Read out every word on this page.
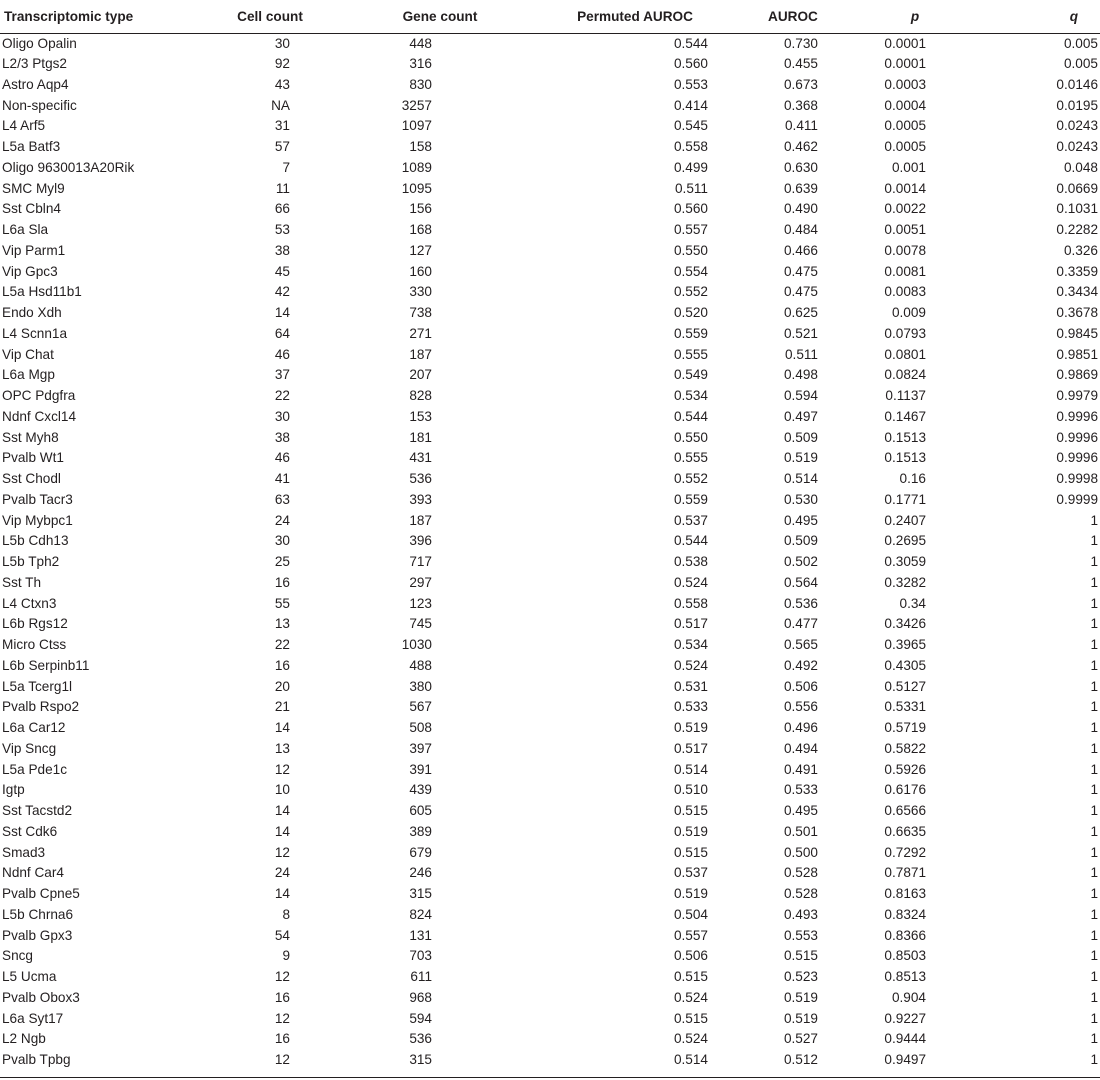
Transcriptomic type	Cell count	Gene count	Permuted AUROC	AUROC	p	q
Oligo Opalin	30	448	0.544	0.730	0.0001	0.005
L2/3 Ptgs2	92	316	0.560	0.455	0.0001	0.005
Astro Aqp4	43	830	0.553	0.673	0.0003	0.0146
Non-specific	NA	3257	0.414	0.368	0.0004	0.0195
L4 Arf5	31	1097	0.545	0.411	0.0005	0.0243
L5a Batf3	57	158	0.558	0.462	0.0005	0.0243
Oligo 9630013A20Rik	7	1089	0.499	0.630	0.001	0.048
SMC Myl9	11	1095	0.511	0.639	0.0014	0.0669
Sst Cbln4	66	156	0.560	0.490	0.0022	0.1031
L6a Sla	53	168	0.557	0.484	0.0051	0.2282
Vip Parm1	38	127	0.550	0.466	0.0078	0.326
Vip Gpc3	45	160	0.554	0.475	0.0081	0.3359
L5a Hsd11b1	42	330	0.552	0.475	0.0083	0.3434
Endo Xdh	14	738	0.520	0.625	0.009	0.3678
L4 Scnn1a	64	271	0.559	0.521	0.0793	0.9845
Vip Chat	46	187	0.555	0.511	0.0801	0.9851
L6a Mgp	37	207	0.549	0.498	0.0824	0.9869
OPC Pdgfra	22	828	0.534	0.594	0.1137	0.9979
Ndnf Cxcl14	30	153	0.544	0.497	0.1467	0.9996
Sst Myh8	38	181	0.550	0.509	0.1513	0.9996
Pvalb Wt1	46	431	0.555	0.519	0.1513	0.9996
Sst Chodl	41	536	0.552	0.514	0.16	0.9998
Pvalb Tacr3	63	393	0.559	0.530	0.1771	0.9999
Vip Mybpc1	24	187	0.537	0.495	0.2407	1
L5b Cdh13	30	396	0.544	0.509	0.2695	1
L5b Tph2	25	717	0.538	0.502	0.3059	1
Sst Th	16	297	0.524	0.564	0.3282	1
L4 Ctxn3	55	123	0.558	0.536	0.34	1
L6b Rgs12	13	745	0.517	0.477	0.3426	1
Micro Ctss	22	1030	0.534	0.565	0.3965	1
L6b Serpinb11	16	488	0.524	0.492	0.4305	1
L5a Tcerg1l	20	380	0.531	0.506	0.5127	1
Pvalb Rspo2	21	567	0.533	0.556	0.5331	1
L6a Car12	14	508	0.519	0.496	0.5719	1
Vip Sncg	13	397	0.517	0.494	0.5822	1
L5a Pde1c	12	391	0.514	0.491	0.5926	1
Igtp	10	439	0.510	0.533	0.6176	1
Sst Tacstd2	14	605	0.515	0.495	0.6566	1
Sst Cdk6	14	389	0.519	0.501	0.6635	1
Smad3	12	679	0.515	0.500	0.7292	1
Ndnf Car4	24	246	0.537	0.528	0.7871	1
Pvalb Cpne5	14	315	0.519	0.528	0.8163	1
L5b Chrna6	8	824	0.504	0.493	0.8324	1
Pvalb Gpx3	54	131	0.557	0.553	0.8366	1
Sncg	9	703	0.506	0.515	0.8503	1
L5 Ucma	12	611	0.515	0.523	0.8513	1
Pvalb Obox3	16	968	0.524	0.519	0.904	1
L6a Syt17	12	594	0.515	0.519	0.9227	1
L2 Ngb	16	536	0.524	0.527	0.9444	1
Pvalb Tpbg	12	315	0.514	0.512	0.9497	1
